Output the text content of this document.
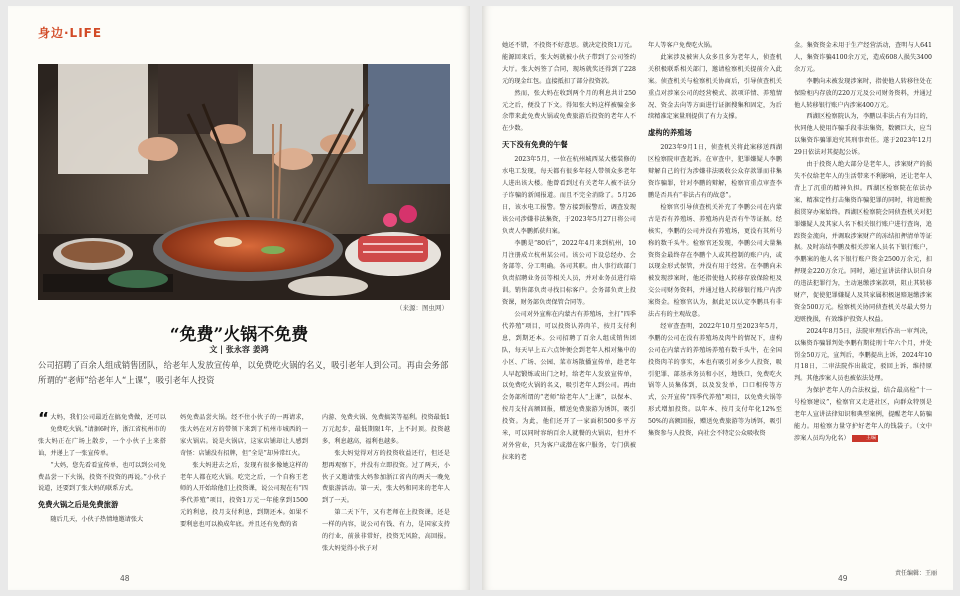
身边·LIFE
（来源：图虫网）
“免费”火锅不免费
文 | 张永容 姜鸿
公司招聘了百余人组成销售团队，给老年人发放宣传单，以免费吃火锅的名义，吸引老年人到公司。再由会务部所谓的“老师”给老年人“上课”，吸引老年人投资

“ 大妈，我们公司最近在搞免费做，还可以免费吃火锅。”请据6时许，浙江省杭州市的张大妈正在广场上散步，一个小伙子上来搭讪，并递上了一张宣传单。

“大妈，您先看看宣传单，也可以到公司免费品尝一下火锅，投资不投资的再说。”小伙子说道，还要到了张大妈的联系方式。

免费火锅之后是免费旅游

随后几天，小伙子热情地邀请张大

妈免费品尝火锅。经不住小伙子的一再请求，张大妈在对方的带领下来到了杭州市城西的一家火锅店。说是火锅店，这家店铺却让人感到奇怪：店铺没有招牌，但“全是”却异常红火。

张大妈进去之后，发现有很多像她这样的老年人都在吃火锅。吃完之后，一个自称王老师的人开始给他们上投资课，说公司现在有“四季代养殖”项目，投资1万元一年能拿到1500元的利息，投月支付利息，到期还本。如果不要利息也可以换成年底。并且还有免费的省

内游、免费火锅、免费搞笑等福利。投资最低1万元起步，最低期限1年，上不封顶。投资越多，利息越高，福利也越多。

张大妈觉得对方的投资收益还行，但还是想再观察下，并没有立即投资。过了两天，小伙子又邀请张大妈参加浙江省内的两天一晚免费旅游活动。第一天，张大妈和同来的老年人到了一天。

第二天下午，又有老师在上投资课，还是一样的内容，说公司有钱、有力，是国家支持的行业，前景非常好，投资无风险，高回报。张大妈觉得小伙子对

48

她还不错，不投资不好意思。就决定投资1万元。能源回来后，张大妈就被小伙子带到了公司签约大厅。张大妈签了合同，现场就奖还得到了228元的现金红包。直接抵扣了部分投资款。

然而，张大妈在收到两个月的利息共计250元之后，便没了下文。得知张大妈这样被骗金多余带来此免费火锅或免费旅游后投资的老年人不在少数。

天下没有免费的午餐

2023年5月，一位在杭州城西某大楼装修的水电工发现，每天都有很多年轻人带领众多老年人进出该大楼。他曾看到过有关老年人被不法分子诈骗的新闻报道。而且不完全消除了。5月26日，该水电工报警。警方接到报警后，调查发现该公司涉嫌非法集资，于2023年5月27日将公司负责人李鹏抓获归案。

李鹏是“80后”，2022年4月来到杭州，10月注册成立杭州某公司。该公司下设总经办、会务部等、分工明确。各司其职。由人事行政部门负责招聘业务员等相关人员，并对业务员进行培训。销售部负责寻找目标客户。会务部负责上投资课，财务部负责保管合同等。

公司对外宣称在内蒙古有养殖场，主打“四季代养殖”项目，可以投资认养肉羊，按月支付利息，到期还本。公司招聘了百余人组成销售团队，每天早上五六点钟便会到老年人相对集中的小区、广场、公园、菜市场散播宣传单，趁老年人早起锻炼或出门之时，给老年人发放宣传单，以免费吃火锅的名义，吸引老年人到公司。再由会务部所谓的“老师”给老年人“上课”，以保本、按月支付高额回报，赠送免费旅游为诱饵，吸引投资。为此，他们还开了一家面积500多平方米，可以同时容纳百余人就餐的火锅店，但并不对外营业，只为客户或潜在客户服务，专门供被拉来的老

年人等客户免费吃火锅。

此案涉及被害人众多且多为老年人，侦查机关积极联系相关部门，邀请检察机关提前介入此案。侦查机关与检察机关协商后，引导侦查机关重点对涉案公司的经营模式、款项详情、养殖情况、资金去向等方面进行证据搜集和固定，为后续精准定案量刑提供了有力支撑。

虚构的养殖场

2023年9月1日，侦查机关将此案移送西湖区检察院审查起诉。在审查中，犯罪嫌疑人李鹏辩解自己的行为涉嫌非法吸收公众存款罪而非集资诈骗罪，针对李鹏的辩解，检察官重点审查李鹏是否具有“非法占有的故意”。

检察官引导侦查机关补充了李鹏公司在内蒙古是否有养殖场、养殖场内是否有牛等证据。经核实，李鹏的公司并没有养殖场，更没有其所号称的数千头牛。检察官还发现，李鹏公司大量集资资金最终存在李鹏个人或其控制的账户内，或以现金形式保管，并没有用于经营。在李鹏向未被发现涉案时，他还指使他人转移存放保险柜及交公司财务资料，并通过他人转移银行账户内涉案资金。检察官认为，据此足以认定李鹏具有非法占有的主观故意。

经审查查明，2022年10月至2023年5月，李鹏的公司在没有养殖场及肉牛的情况下，虚构公司在内蒙古的养殖场养殖有数千头牛，在全国投资肉羊的事实，本也有吸引对多少人投资，吸引犯罪、部基承务员和小区，地铁口，免费吃火锅等人员集体到，以及发发单，口口相传等方式，公开宣传“四季代养殖”项目，以免费火锅等形式增加投资。以年本、按月支付年化12%至50%的高额回报，赠送免费旅游等为诱饵，吸引集资参与人投资，向社会不特定公众吸收资

金。集资资金未用于生产经营活动，查明与人641人，集资诈骗4100余万元，造成608人损失3400余万元。

李鹏向未被发现涉案时，指使他人转移往处在保险柜内存放的220万元及公司财务资料，并通过他人转移银行账户内涉案400万元。

西湖区检察院认为，李鹏以非法占有为目的，伙同他人使用诈骗手段非法集资，数额巨大，应当以集资诈骗罪追究其刑事责任。遂于2023年12月29日依法对其提起公诉。

由于投资人绝大部分是老年人，涉案财产的损失不仅给老年人的生活带来不利影响，还让老年人背上了沉重的精神负担。西湖区检察院在依法办案、精准定性打击集资诈骗犯罪的同时，将追赃挽损贯穿办案始终。西湖区检察院会同侦查机关对犯罪嫌疑人及其家人名下相关银行账户进行查询，追踪资金流向，并调取涉案财产的冻结扣押清单等证据。及时冻结李鹏及相关涉案人员名下银行账户，李鹏案的他人名下银行账户资金2500万余元，扣押现金220万余元。同时，通过宣讲法律认识自身的违法犯罪行为，主动退缴涉案款项，阻止其转移财产，促使犯罪嫌疑人及其家属积极退赔退缴涉案资金500万元。检察机关协同侦查机关尽最大努力追赃挽损，有效维护投资人权益。

2024年8月5日，法院审理后作出一审判决，以集资诈骗罪判处李鹏有期徒刑十年六个月，并处罚金50万元，宣判后，李鹏提出上诉，2024年10月18日，二审法院作出裁定，驳回上诉，维持原判。其他涉案人员也被依法处理。

为保护老年人的合法权益，结合最高检“十一号检察建议”，检察官又走进社区，向群众特别是老年人宣讲法律知识和典型案例，提醒老年人防骗能力。用检察力量守护好老年人的钱袋子。（文中涉案人员均为化名）	主编

49
责任编辑：王丽
